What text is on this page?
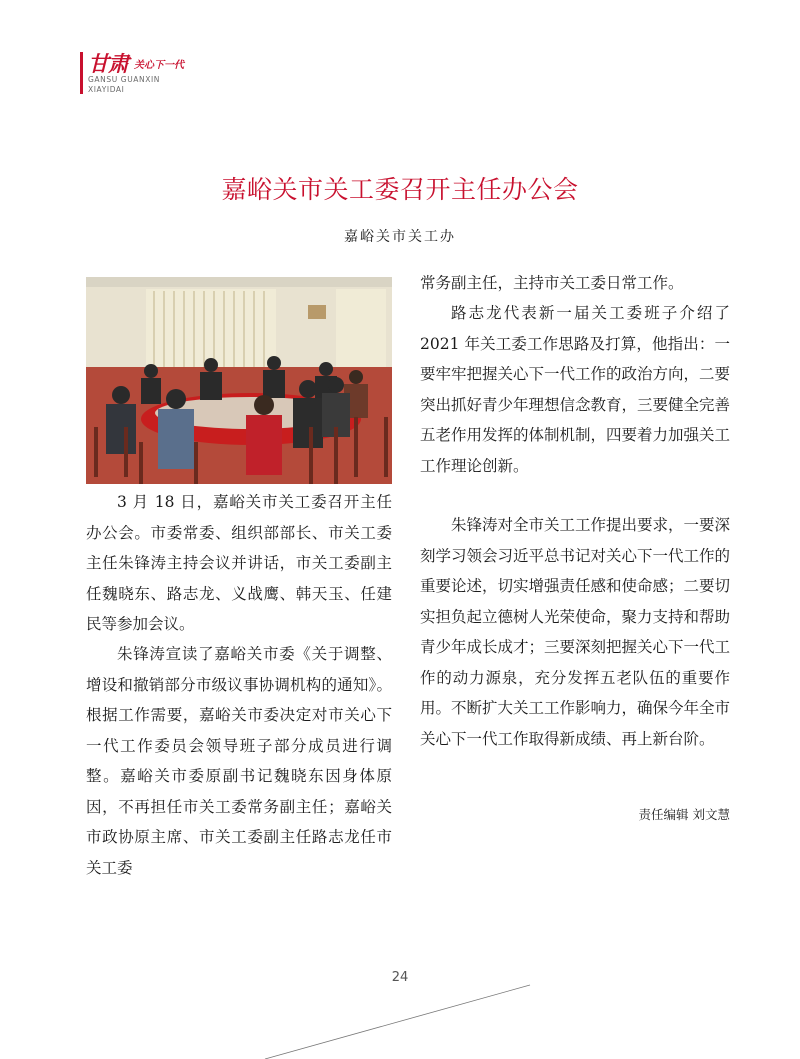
甘肃 关心下一代
GANSU GUANXIN
XIAYIDAI
嘉峪关市关工委召开主任办公会
嘉峪关市关工办

3 月 18 日，嘉峪关市关工委召开主任办公会。市委常委、组织部部长、市关工委主任朱锋涛主持会议并讲话，市关工委副主任魏晓东、路志龙、义战鹰、韩天玉、任建民等参加会议。

朱锋涛宣读了嘉峪关市委《关于调整、增设和撤销部分市级议事协调机构的通知》。根据工作需要，嘉峪关市委决定对市关心下一代工作委员会领导班子部分成员进行调整。嘉峪关市委原副书记魏晓东因身体原因，不再担任市关工委常务副主任；嘉峪关市政协原主席、市关工委副主任路志龙任市关工委

常务副主任，主持市关工委日常工作。

路志龙代表新一届关工委班子介绍了 2021 年关工委工作思路及打算，他指出：一要牢牢把握关心下一代工作的政治方向，二要突出抓好青少年理想信念教育，三要健全完善五老作用发挥的体制机制，四要着力加强关工工作理论创新。

朱锋涛对全市关工工作提出要求，一要深刻学习领会习近平总书记对关心下一代工作的重要论述，切实增强责任感和使命感；二要切实担负起立德树人光荣使命，聚力支持和帮助青少年成长成才；三要深刻把握关心下一代工作的动力源泉，充分发挥五老队伍的重要作用。不断扩大关工工作影响力，确保今年全市关心下一代工作取得新成绩、再上新台阶。

责任编辑 刘文慧
24
